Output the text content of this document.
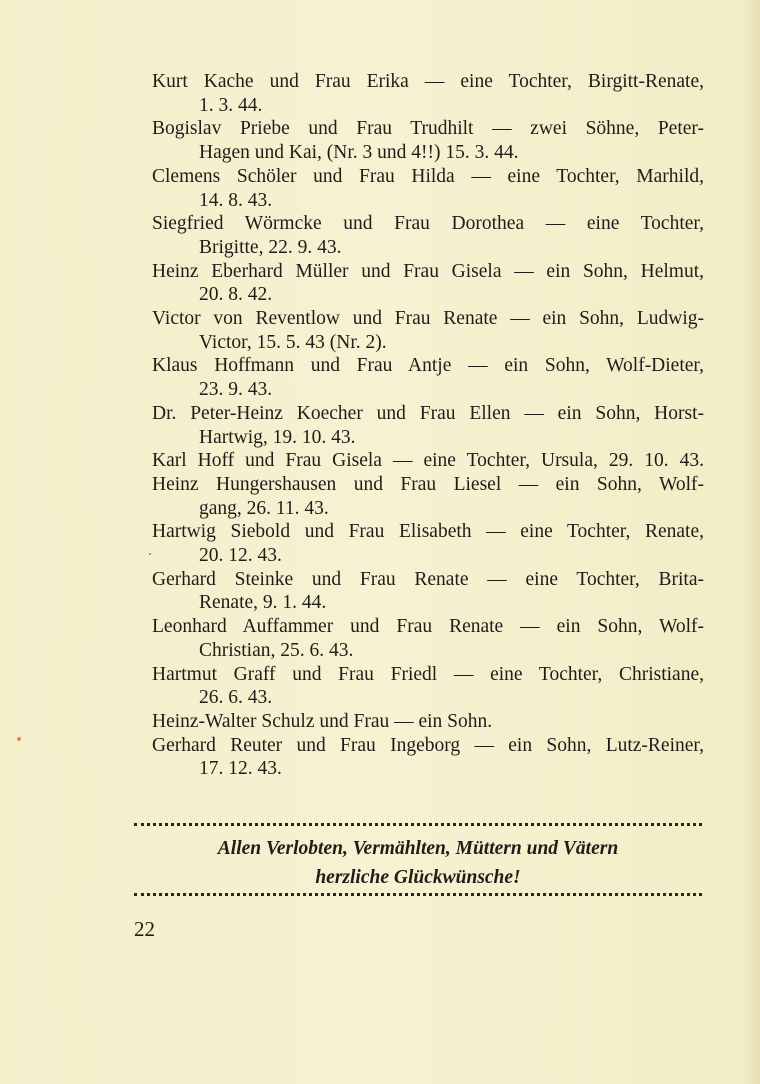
Kurt Kache und Frau Erika — eine Tochter, Birgitt-Renate,
1. 3. 44.
Bogislav Priebe und Frau Trudhilt — zwei Söhne, Peter-
Hagen und Kai, (Nr. 3 und 4!!) 15. 3. 44.
Clemens Schöler und Frau Hilda — eine Tochter, Marhild,
14. 8. 43.
Siegfried Wörmcke und Frau Dorothea — eine Tochter,
Brigitte, 22. 9. 43.
Heinz Eberhard Müller und Frau Gisela — ein Sohn, Helmut,
20. 8. 42.
Victor von Reventlow und Frau Renate — ein Sohn, Ludwig-
Victor, 15. 5. 43 (Nr. 2).
Klaus Hoffmann und Frau Antje — ein Sohn, Wolf-Dieter,
23. 9. 43.
Dr. Peter-Heinz Koecher und Frau Ellen — ein Sohn, Horst-
Hartwig, 19. 10. 43.
Karl Hoff und Frau Gisela — eine Tochter, Ursula, 29. 10. 43.
Heinz Hungershausen und Frau Liesel — ein Sohn, Wolf-
gang, 26. 11. 43.
Hartwig Siebold und Frau Elisabeth — eine Tochter, Renate,
20. 12. 43.
Gerhard Steinke und Frau Renate — eine Tochter, Brita-
Renate, 9. 1. 44.
Leonhard Auffammer und Frau Renate — ein Sohn, Wolf-
Christian, 25. 6. 43.
Hartmut Graff und Frau Friedl — eine Tochter, Christiane,
26. 6. 43.
Heinz-Walter Schulz und Frau — ein Sohn.
Gerhard Reuter und Frau Ingeborg — ein Sohn, Lutz-Reiner,
17. 12. 43.
Allen Verlobten, Vermählten, Müttern und Vätern
herzliche Glückwünsche!
22
